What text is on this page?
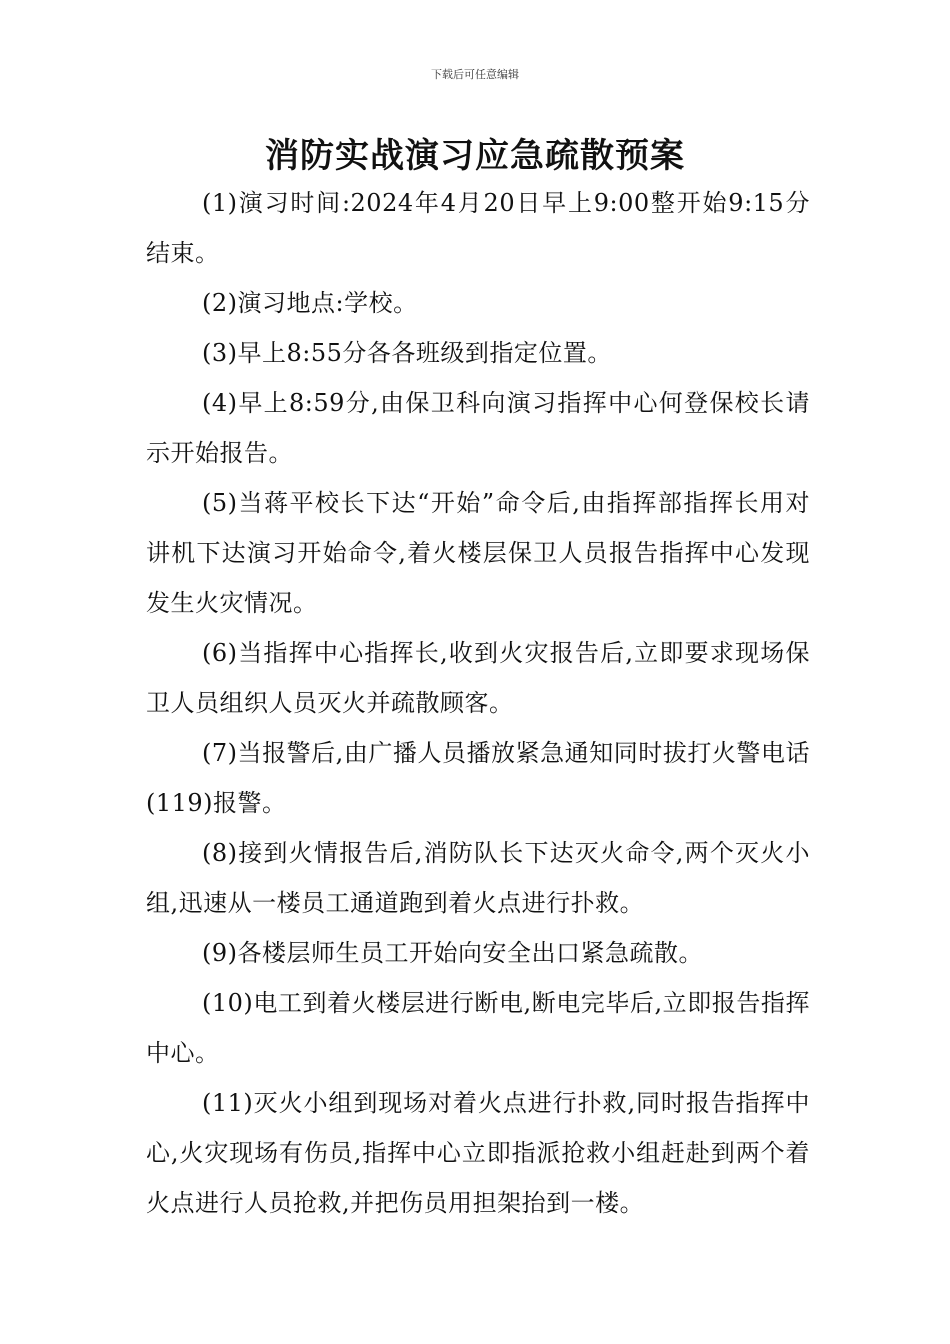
下载后可任意编辑
消防实战演习应急疏散预案

(1)演习时间:2024年4月20日早上9:00整开始9:15分结束。

(2)演习地点:学校。

(3)早上8:55分各各班级到指定位置。

(4)早上8:59分,由保卫科向演习指挥中心何登保校长请示开始报告。

(5)当蒋平校长下达“开始”命令后,由指挥部指挥长用对讲机下达演习开始命令,着火楼层保卫人员报告指挥中心发现发生火灾情况。

(6)当指挥中心指挥长,收到火灾报告后,立即要求现场保卫人员组织人员灭火并疏散顾客。

(7)当报警后,由广播人员播放紧急通知同时拔打火警电话(119)报警。

(8)接到火情报告后,消防队长下达灭火命令,两个灭火小组,迅速从一楼员工通道跑到着火点进行扑救。

(9)各楼层师生员工开始向安全出口紧急疏散。

(10)电工到着火楼层进行断电,断电完毕后,立即报告指挥中心。

(11)灭火小组到现场对着火点进行扑救,同时报告指挥中心,火灾现场有伤员,指挥中心立即指派抢救小组赶赴到两个着火点进行人员抢救,并把伤员用担架抬到一楼。
